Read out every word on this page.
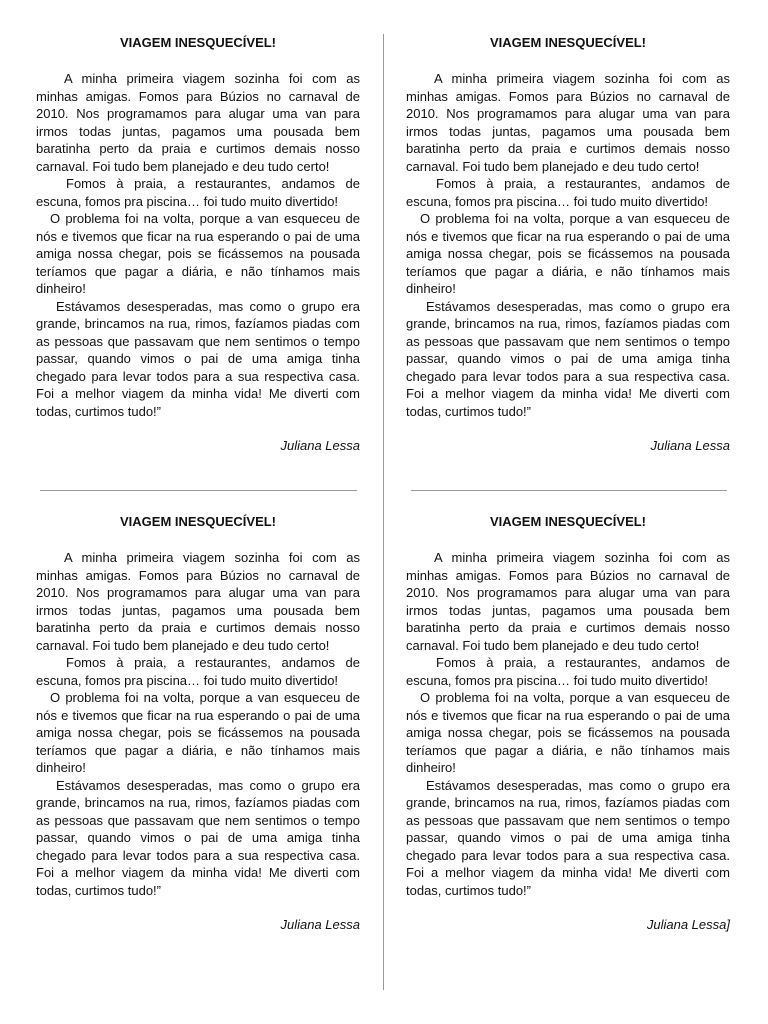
VIAGEM INESQUECÍVEL!

A minha primeira viagem sozinha foi com as minhas amigas. Fomos para Búzios no carnaval de 2010. Nos programamos para alugar uma van para irmos todas juntas, pagamos uma pousada bem baratinha perto da praia e curtimos demais nosso carnaval. Foi tudo bem planejado e deu tudo certo!

Fomos à praia, a restaurantes, andamos de escuna, fomos pra piscina… foi tudo muito divertido!

O problema foi na volta, porque a van esqueceu de nós e tivemos que ficar na rua esperando o pai de uma amiga nossa chegar, pois se ficássemos na pousada teríamos que pagar a diária, e não tínhamos mais dinheiro!

Estávamos desesperadas, mas como o grupo era grande, brincamos na rua, rimos, fazíamos piadas com as pessoas que passavam que nem sentimos o tempo passar, quando vimos o pai de uma amiga tinha chegado para levar todos para a sua respectiva casa. Foi a melhor viagem da minha vida! Me diverti com todas, curtimos tudo!”

Juliana Lessa
VIAGEM INESQUECÍVEL!

A minha primeira viagem sozinha foi com as minhas amigas. Fomos para Búzios no carnaval de 2010. Nos programamos para alugar uma van para irmos todas juntas, pagamos uma pousada bem baratinha perto da praia e curtimos demais nosso carnaval. Foi tudo bem planejado e deu tudo certo!

Fomos à praia, a restaurantes, andamos de escuna, fomos pra piscina… foi tudo muito divertido!

O problema foi na volta, porque a van esqueceu de nós e tivemos que ficar na rua esperando o pai de uma amiga nossa chegar, pois se ficássemos na pousada teríamos que pagar a diária, e não tínhamos mais dinheiro!

Estávamos desesperadas, mas como o grupo era grande, brincamos na rua, rimos, fazíamos piadas com as pessoas que passavam que nem sentimos o tempo passar, quando vimos o pai de uma amiga tinha chegado para levar todos para a sua respectiva casa. Foi a melhor viagem da minha vida! Me diverti com todas, curtimos tudo!”

Juliana Lessa
VIAGEM INESQUECÍVEL!

A minha primeira viagem sozinha foi com as minhas amigas. Fomos para Búzios no carnaval de 2010. Nos programamos para alugar uma van para irmos todas juntas, pagamos uma pousada bem baratinha perto da praia e curtimos demais nosso carnaval. Foi tudo bem planejado e deu tudo certo!

Fomos à praia, a restaurantes, andamos de escuna, fomos pra piscina… foi tudo muito divertido!

O problema foi na volta, porque a van esqueceu de nós e tivemos que ficar na rua esperando o pai de uma amiga nossa chegar, pois se ficássemos na pousada teríamos que pagar a diária, e não tínhamos mais dinheiro!

Estávamos desesperadas, mas como o grupo era grande, brincamos na rua, rimos, fazíamos piadas com as pessoas que passavam que nem sentimos o tempo passar, quando vimos o pai de uma amiga tinha chegado para levar todos para a sua respectiva casa. Foi a melhor viagem da minha vida! Me diverti com todas, curtimos tudo!”

Juliana Lessa
VIAGEM INESQUECÍVEL!

A minha primeira viagem sozinha foi com as minhas amigas. Fomos para Búzios no carnaval de 2010. Nos programamos para alugar uma van para irmos todas juntas, pagamos uma pousada bem baratinha perto da praia e curtimos demais nosso carnaval. Foi tudo bem planejado e deu tudo certo!

Fomos à praia, a restaurantes, andamos de escuna, fomos pra piscina… foi tudo muito divertido!

O problema foi na volta, porque a van esqueceu de nós e tivemos que ficar na rua esperando o pai de uma amiga nossa chegar, pois se ficássemos na pousada teríamos que pagar a diária, e não tínhamos mais dinheiro!

Estávamos desesperadas, mas como o grupo era grande, brincamos na rua, rimos, fazíamos piadas com as pessoas que passavam que nem sentimos o tempo passar, quando vimos o pai de uma amiga tinha chegado para levar todos para a sua respectiva casa. Foi a melhor viagem da minha vida! Me diverti com todas, curtimos tudo!”

Juliana Lessa]
